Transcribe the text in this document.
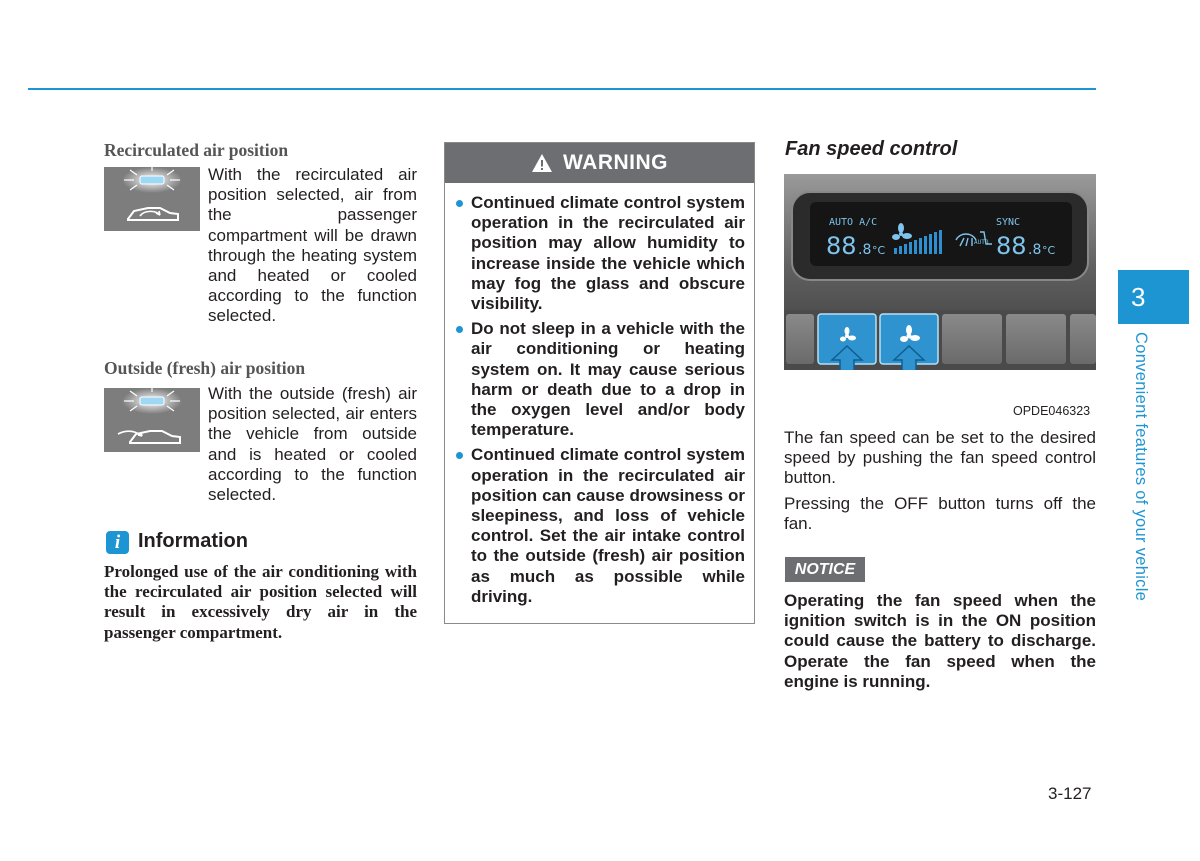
Recirculated air position
With the recirculated air position selected, air from the passenger compartment will be drawn through the heating system and heated or cooled according to the function selected.
Outside (fresh) air position
With the outside (fresh) air position selected, air enters the vehicle from outside and is heated or cooled according to the function selected.
i Information
Prolonged use of the air conditioning with the recirculated air position selected will result in excessively dry air in the passenger compartment.
WARNING
Continued climate control system operation in the recirculated air position may allow humidity to increase inside the vehicle which may fog the glass and obscure visibility.
Do not sleep in a vehicle with the air conditioning or heating system on. It may cause serious harm or death due to a drop in the oxygen level and/or body temperature.
Continued climate control system operation in the recirculated air position can cause drowsiness or sleepiness, and loss of vehicle control. Set the air intake control to the outside (fresh) air position as much as possible while driving.
Fan speed control
AUTO A/C	SYNC
88 .8 °C	88 .8 °C
AUTO
OPDE046323
The fan speed can be set to the desired speed by pushing the fan speed control button.
Pressing the OFF button turns off the fan.
NOTICE
Operating the fan speed when the ignition switch is in the ON position could cause the battery to discharge. Operate the fan speed when the engine is running.
3
Convenient features of your vehicle
3-127
